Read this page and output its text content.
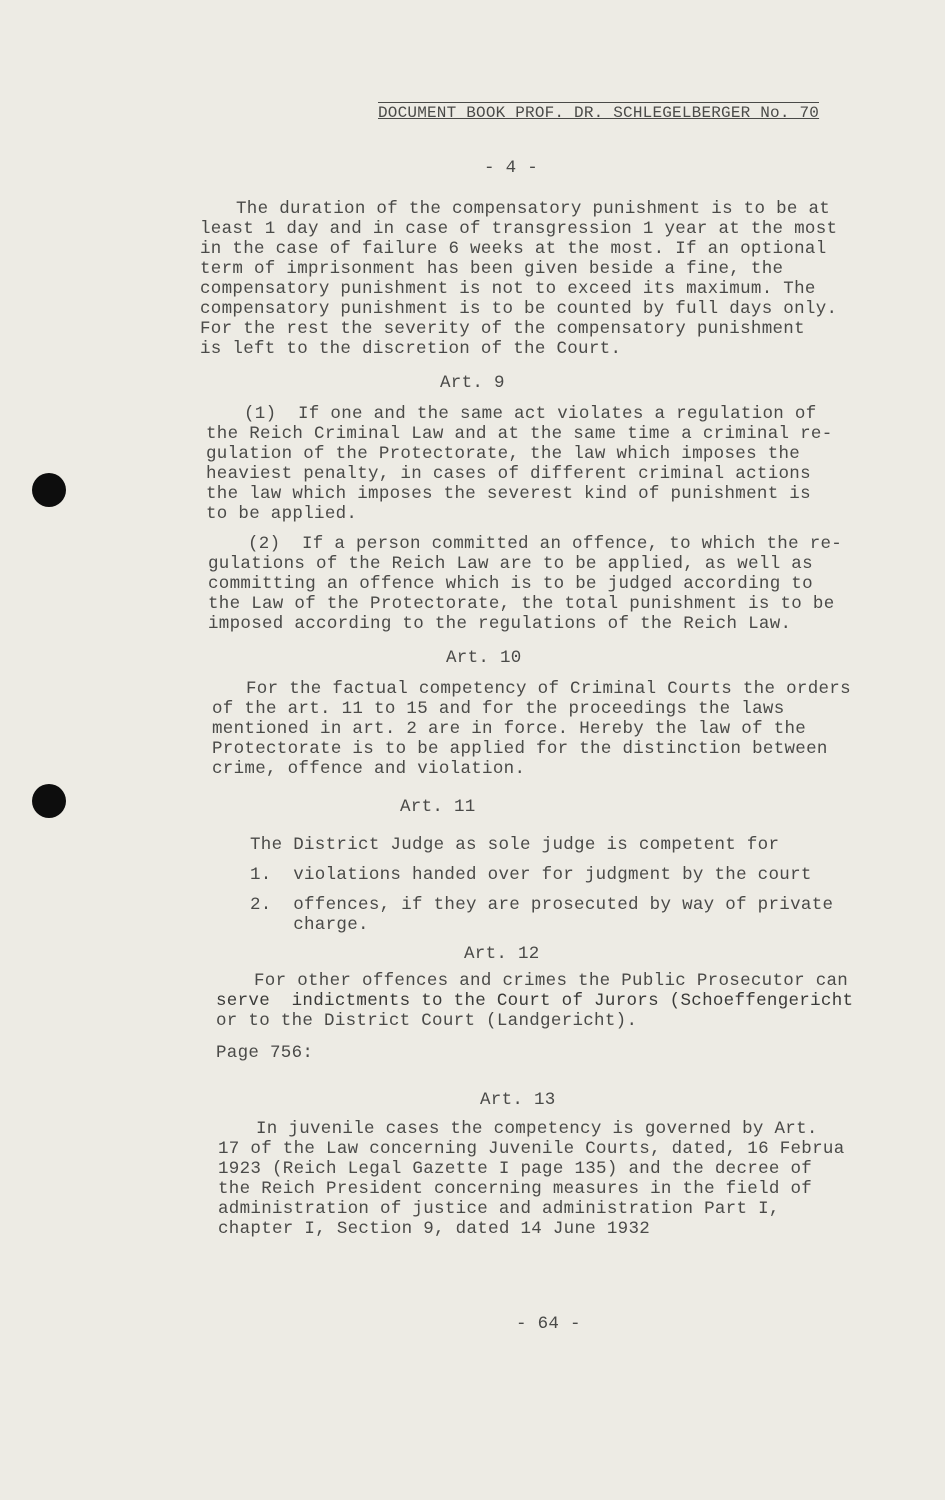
DOCUMENT BOOK PROF. DR. SCHLEGELBERGER No. 70
- 4 -
The duration of the compensatory punishment is to be at
least 1 day and in case of transgression 1 year at the most
in the case of failure 6 weeks at the most. If an optional
term of imprisonment has been given beside a fine, the
compensatory punishment is not to exceed its maximum. The
compensatory punishment is to be counted by full days only.
For the rest the severity of the compensatory punishment
is left to the discretion of the Court.
Art. 9
(1)  If one and the same act violates a regulation of
the Reich Criminal Law and at the same time a criminal re-
gulation of the Protectorate, the law which imposes the
heaviest penalty, in cases of different criminal actions
the law which imposes the severest kind of punishment is
to be applied.
(2)  If a person committed an offence, to which the re-
gulations of the Reich Law are to be applied, as well as
committing an offence which is to be judged according to
the Law of the Protectorate, the total punishment is to be
imposed according to the regulations of the Reich Law.
Art. 10
For the factual competency of Criminal Courts the orders
of the art. 11 to 15 and for the proceedings the laws
mentioned in art. 2 are in force. Hereby the law of the
Protectorate is to be applied for the distinction between
crime, offence and violation.
Art. 11
The District Judge as sole judge is competent for
1.  violations handed over for judgment by the court
2.  offences, if they are prosecuted by way of private
charge.
Art. 12
For other offences and crimes the Public Prosecutor can
serve  indictments to the Court of Jurors (Schoeffengericht
or to the District Court (Landgericht).
Page 756:
Art. 13
In juvenile cases the competency is governed by Art.
17 of the Law concerning Juvenile Courts, dated, 16 Februa
1923 (Reich Legal Gazette I page 135) and the decree of
the Reich President concerning measures in the field of
administration of justice and administration Part I,
chapter I, Section 9, dated 14 June 1932
- 64 -
